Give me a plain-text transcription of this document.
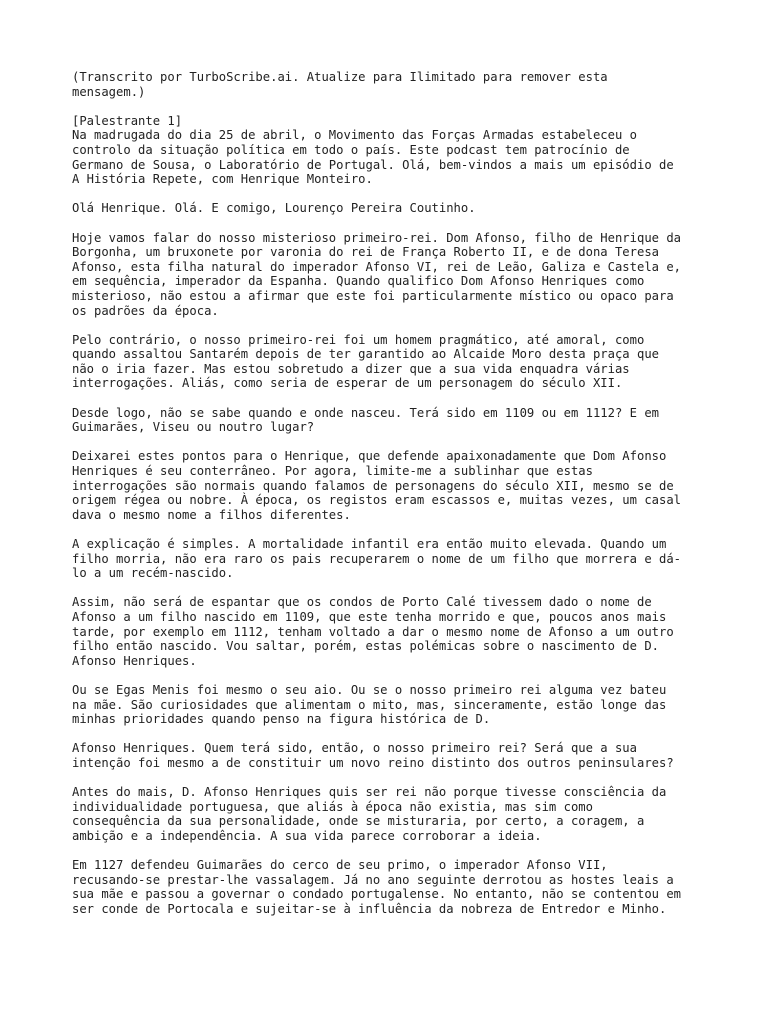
(Transcrito por TurboScribe.ai. Atualize para Ilimitado para remover esta
mensagem.)

[Palestrante 1]
Na madrugada do dia 25 de abril, o Movimento das Forças Armadas estabeleceu o
controlo da situação política em todo o país. Este podcast tem patrocínio de
Germano de Sousa, o Laboratório de Portugal. Olá, bem-vindos a mais um episódio de
A História Repete, com Henrique Monteiro.

Olá Henrique. Olá. E comigo, Lourenço Pereira Coutinho.

Hoje vamos falar do nosso misterioso primeiro-rei. Dom Afonso, filho de Henrique da
Borgonha, um bruxonete por varonia do rei de França Roberto II, e de dona Teresa
Afonso, esta filha natural do imperador Afonso VI, rei de Leão, Galiza e Castela e,
em sequência, imperador da Espanha. Quando qualifico Dom Afonso Henriques como
misterioso, não estou a afirmar que este foi particularmente místico ou opaco para
os padrões da época.

Pelo contrário, o nosso primeiro-rei foi um homem pragmático, até amoral, como
quando assaltou Santarém depois de ter garantido ao Alcaide Moro desta praça que
não o iria fazer. Mas estou sobretudo a dizer que a sua vida enquadra várias
interrogações. Aliás, como seria de esperar de um personagem do século XII.

Desde logo, não se sabe quando e onde nasceu. Terá sido em 1109 ou em 1112? E em
Guimarães, Viseu ou noutro lugar?

Deixarei estes pontos para o Henrique, que defende apaixonadamente que Dom Afonso
Henriques é seu conterrâneo. Por agora, limite-me a sublinhar que estas
interrogações são normais quando falamos de personagens do século XII, mesmo se de
origem régea ou nobre. À época, os registos eram escassos e, muitas vezes, um casal
dava o mesmo nome a filhos diferentes.

A explicação é simples. A mortalidade infantil era então muito elevada. Quando um
filho morria, não era raro os pais recuperarem o nome de um filho que morrera e dá-
lo a um recém-nascido.

Assim, não será de espantar que os condos de Porto Calé tivessem dado o nome de
Afonso a um filho nascido em 1109, que este tenha morrido e que, poucos anos mais
tarde, por exemplo em 1112, tenham voltado a dar o mesmo nome de Afonso a um outro
filho então nascido. Vou saltar, porém, estas polémicas sobre o nascimento de D.
Afonso Henriques.

Ou se Egas Menis foi mesmo o seu aio. Ou se o nosso primeiro rei alguma vez bateu
na mãe. São curiosidades que alimentam o mito, mas, sinceramente, estão longe das
minhas prioridades quando penso na figura histórica de D.

Afonso Henriques. Quem terá sido, então, o nosso primeiro rei? Será que a sua
intenção foi mesmo a de constituir um novo reino distinto dos outros peninsulares?

Antes do mais, D. Afonso Henriques quis ser rei não porque tivesse consciência da
individualidade portuguesa, que aliás à época não existia, mas sim como
consequência da sua personalidade, onde se misturaria, por certo, a coragem, a
ambição e a independência. A sua vida parece corroborar a ideia.

Em 1127 defendeu Guimarães do cerco de seu primo, o imperador Afonso VII,
recusando-se prestar-lhe vassalagem. Já no ano seguinte derrotou as hostes leais a
sua mãe e passou a governar o condado portugalense. No entanto, não se contentou em
ser conde de Portocala e sujeitar-se à influência da nobreza de Entredor e Minho.
